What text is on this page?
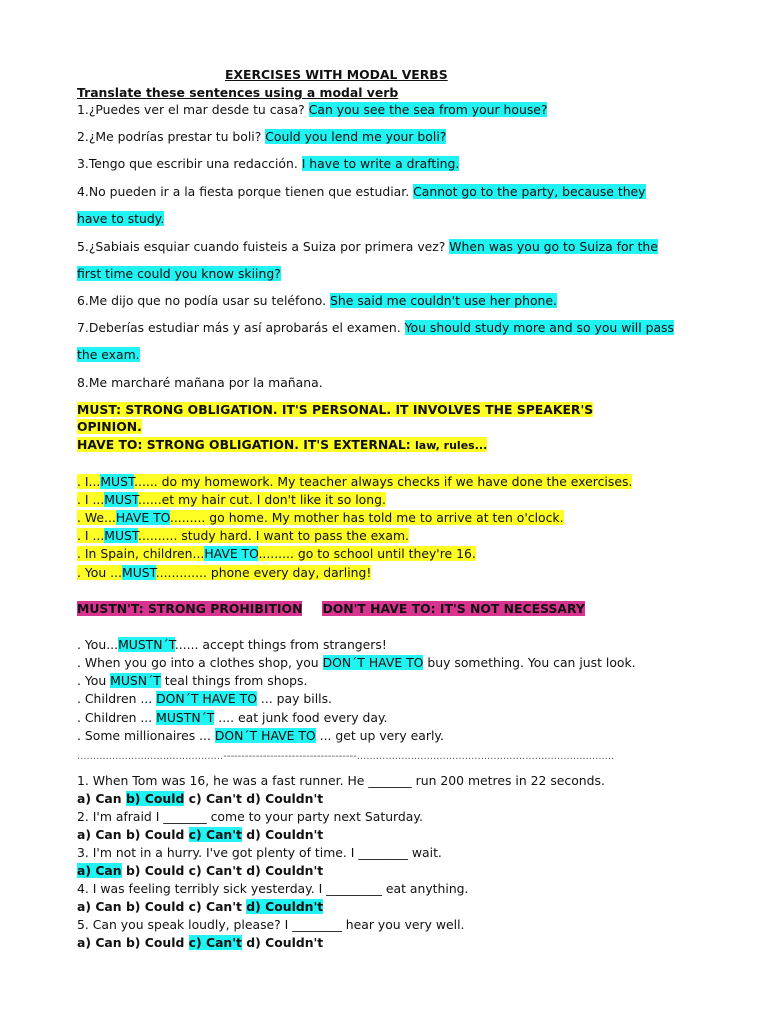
EXERCISES WITH MODAL VERBS
Translate these sentences using a modal verb
1.¿Puedes ver el mar desde tu casa? Can you see the sea from your house?
2.¿Me podrías prestar tu boli? Could you lend me your boli?
3.Tengo que escribir una redacción. I have to write a drafting.
4.No pueden ir a la fiesta porque tienen que estudiar. Cannot go to the party, because they
have to study.
5.¿Sabiais esquiar cuando fuisteis a Suiza por primera vez? When was you go to Suiza for the
first time could you know skiing?
6.Me dijo que no podía usar su teléfono. She said me couldn't use her phone.
7.Deberías estudiar más y así aprobarás el examen. You should study more and so you will pass
the exam.
8.Me marcharé mañana por la mañana.
MUST: STRONG OBLIGATION. IT'S PERSONAL. IT INVOLVES THE SPEAKER'S
OPINION.
HAVE TO: STRONG OBLIGATION. IT'S EXTERNAL: law, rules...
. I...MUST...... do my homework. My teacher always checks if we have done the exercises.
. I ...MUST......et my hair cut. I don't like it so long.
. We...HAVE TO......... go home. My mother has told me to arrive at ten o'clock.
. I ...MUST.......... study hard. I want to pass the exam.
. In Spain, children...HAVE TO......... go to school until they're 16.
. You ...MUST............. phone every day, darling!
MUSTN'T: STRONG PROHIBITION DON'T HAVE TO: IT'S NOT NECESSARY
. You...MUSTN´T...... accept things from strangers!
. When you go into a clothes shop, you DON´T HAVE TO buy something. You can just look.
. You MUSN´T teal things from shops.
. Children ... DON´T HAVE TO ... pay bills.
. Children ... MUSTN´T .... eat junk food every day.
. Some millionaires ... DON´T HAVE TO ... get up very early.
..............................................-------------------------------------.................................................................................
1. When Tom was 16, he was a fast runner. He _______ run 200 metres in 22 seconds.
a) Can b) Could c) Can't d) Couldn't
2. I'm afraid I _______ come to your party next Saturday.
a) Can b) Could c) Can't d) Couldn't
3. I'm not in a hurry. I've got plenty of time. I ________ wait.
a) Can b) Could c) Can't d) Couldn't
4. I was feeling terribly sick yesterday. I _________ eat anything.
a) Can b) Could c) Can't d) Couldn't
5. Can you speak loudly, please? I ________ hear you very well.
a) Can b) Could c) Can't d) Couldn't
